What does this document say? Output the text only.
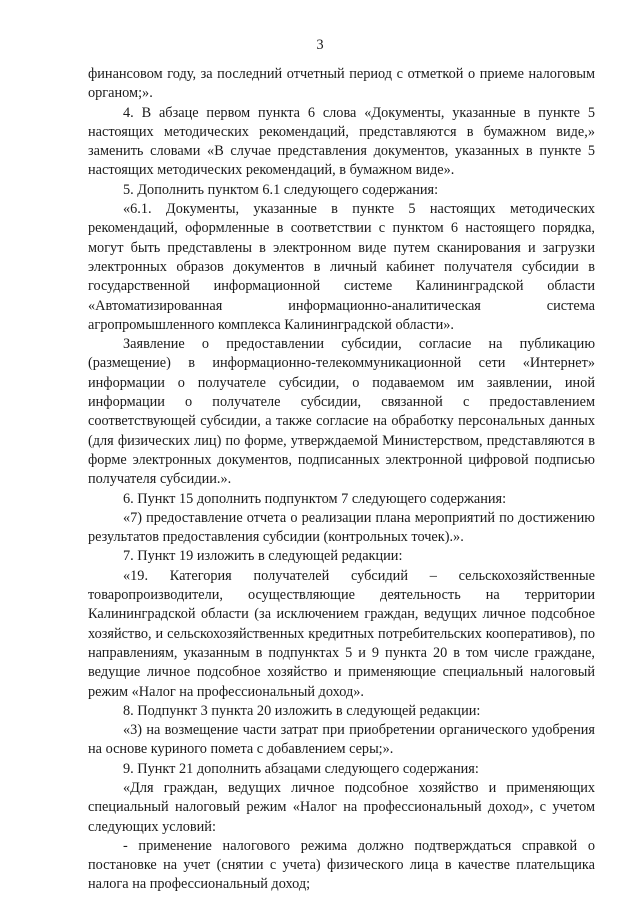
3

финансовом году, за последний отчетный период с отметкой о приеме налоговым органом;».

4. В абзаце первом пункта 6 слова «Документы, указанные в пункте 5 настоящих методических рекомендаций, представляются в бумажном виде,» заменить словами «В случае представления документов, указанных в пункте 5 настоящих методических рекомендаций, в бумажном виде».

5. Дополнить пунктом 6.1 следующего содержания:

«6.1. Документы, указанные в пункте 5 настоящих методических рекомендаций, оформленные в соответствии с пунктом 6 настоящего порядка, могут быть представлены в электронном виде путем сканирования и загрузки электронных образов документов в личный кабинет получателя субсидии в государственной информационной системе Калининградской области «Автоматизированная информационно-аналитическая система агропромышленного комплекса Калининградской области».

Заявление о предоставлении субсидии, согласие на публикацию (размещение) в информационно-телекоммуникационной сети «Интернет» информации о получателе субсидии, о подаваемом им заявлении, иной информации о получателе субсидии, связанной с предоставлением соответствующей субсидии, а также согласие на обработку персональных данных (для физических лиц) по форме, утверждаемой Министерством, представляются в форме электронных документов, подписанных электронной цифровой подписью получателя субсидии.».

6. Пункт 15 дополнить подпунктом 7 следующего содержания:

«7) предоставление отчета о реализации плана мероприятий по достижению результатов предоставления субсидии (контрольных точек).».

7. Пункт 19 изложить в следующей редакции:

«19. Категория получателей субсидий – сельскохозяйственные товаропроизводители, осуществляющие деятельность на территории Калининградской области (за исключением граждан, ведущих личное подсобное хозяйство, и сельскохозяйственных кредитных потребительских кооперативов), по направлениям, указанным в подпунктах 5 и 9 пункта 20 в том числе граждане, ведущие личное подсобное хозяйство и применяющие специальный налоговый режим «Налог на профессиональный доход».

8. Подпункт 3 пункта 20 изложить в следующей редакции:

«3) на возмещение части затрат при приобретении органического удобрения на основе куриного помета с добавлением серы;».

9. Пункт 21 дополнить абзацами следующего содержания:

«Для граждан, ведущих личное подсобное хозяйство и применяющих специальный налоговый режим «Налог на профессиональный доход», с учетом следующих условий:

- применение налогового режима должно подтверждаться справкой о постановке на учет (снятии с учета) физического лица в качестве плательщика налога на профессиональный доход;
